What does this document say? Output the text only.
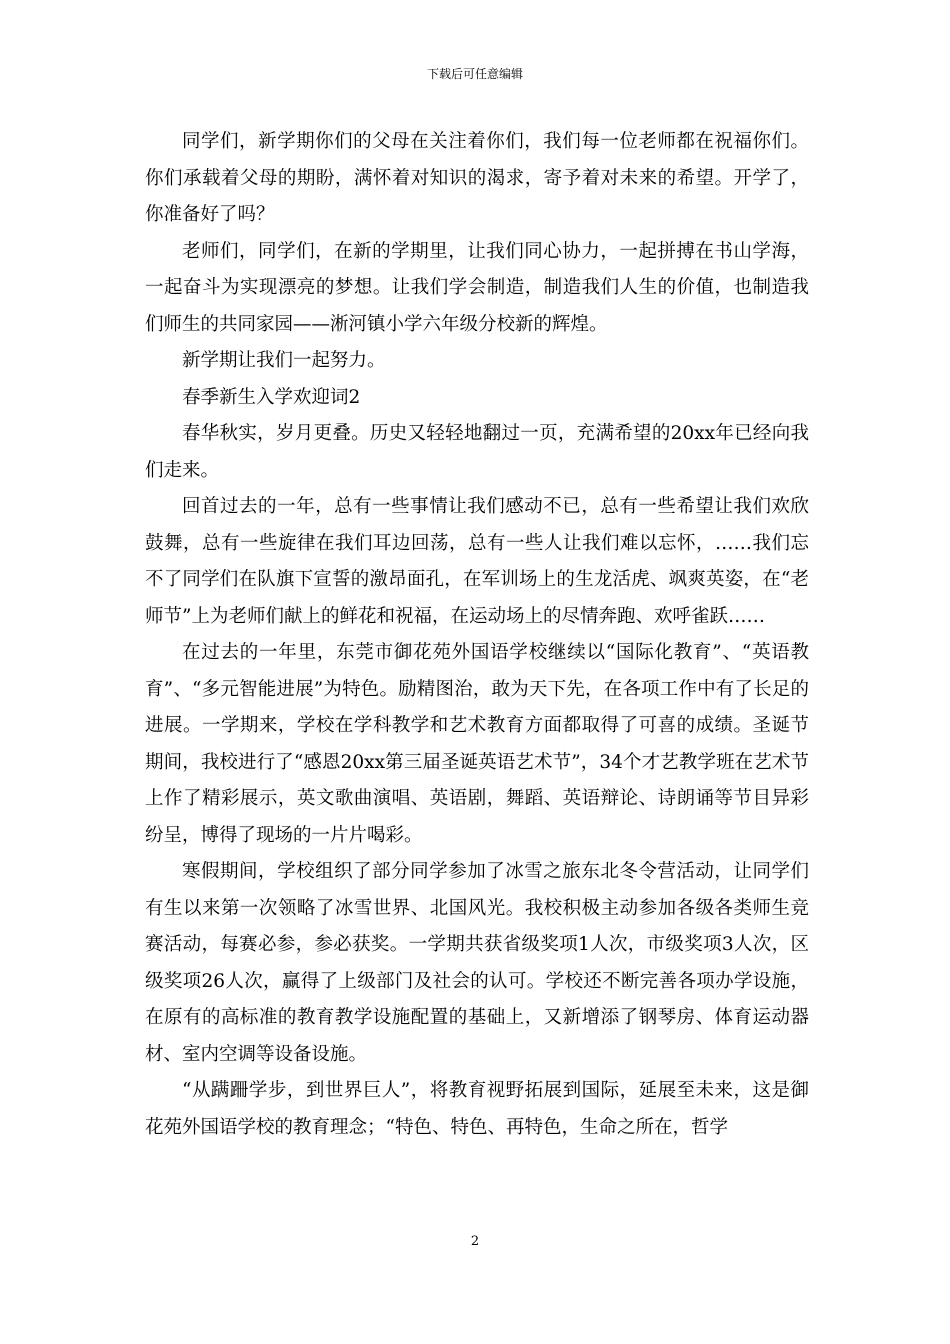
下载后可任意编辑

同学们，新学期你们的父母在关注着你们，我们每一位老师都在祝福你们。你们承载着父母的期盼，满怀着对知识的渴求，寄予着对未来的希望。开学了，你准备好了吗？

老师们，同学们，在新的学期里，让我们同心协力，一起拼搏在书山学海，一起奋斗为实现漂亮的梦想。让我们学会制造，制造我们人生的价值，也制造我们师生的共同家园——淅河镇小学六年级分校新的辉煌。

新学期让我们一起努力。

春季新生入学欢迎词2

春华秋实，岁月更叠。历史又轻轻地翻过一页，充满希望的20xx年已经向我们走来。

回首过去的一年，总有一些事情让我们感动不已，总有一些希望让我们欢欣鼓舞，总有一些旋律在我们耳边回荡，总有一些人让我们难以忘怀，……我们忘不了同学们在队旗下宣誓的激昂面孔，在军训场上的生龙活虎、飒爽英姿，在“老师节”上为老师们献上的鲜花和祝福，在运动场上的尽情奔跑、欢呼雀跃……

在过去的一年里，东莞市御花苑外国语学校继续以“国际化教育”、“英语教育”、“多元智能进展”为特色。励精图治，敢为天下先，在各项工作中有了长足的进展。一学期来，学校在学科教学和艺术教育方面都取得了可喜的成绩。圣诞节期间，我校进行了“感恩20xx第三届圣诞英语艺术节”，34个才艺教学班在艺术节上作了精彩展示，英文歌曲演唱、英语剧，舞蹈、英语辩论、诗朗诵等节目异彩纷呈，博得了现场的一片片喝彩。

寒假期间，学校组织了部分同学参加了冰雪之旅东北冬令营活动，让同学们有生以来第一次领略了冰雪世界、北国风光。我校积极主动参加各级各类师生竞赛活动，每赛必参，参必获奖。一学期共获省级奖项1人次，市级奖项3人次，区级奖项26人次，赢得了上级部门及社会的认可。学校还不断完善各项办学设施，在原有的高标准的教育教学设施配置的基础上，又新增添了钢琴房、体育运动器材、室内空调等设备设施。

“从蹒跚学步，到世界巨人”，将教育视野拓展到国际，延展至未来，这是御花苑外国语学校的教育理念；“特色、特色、再特色，生命之所在，哲学

2
